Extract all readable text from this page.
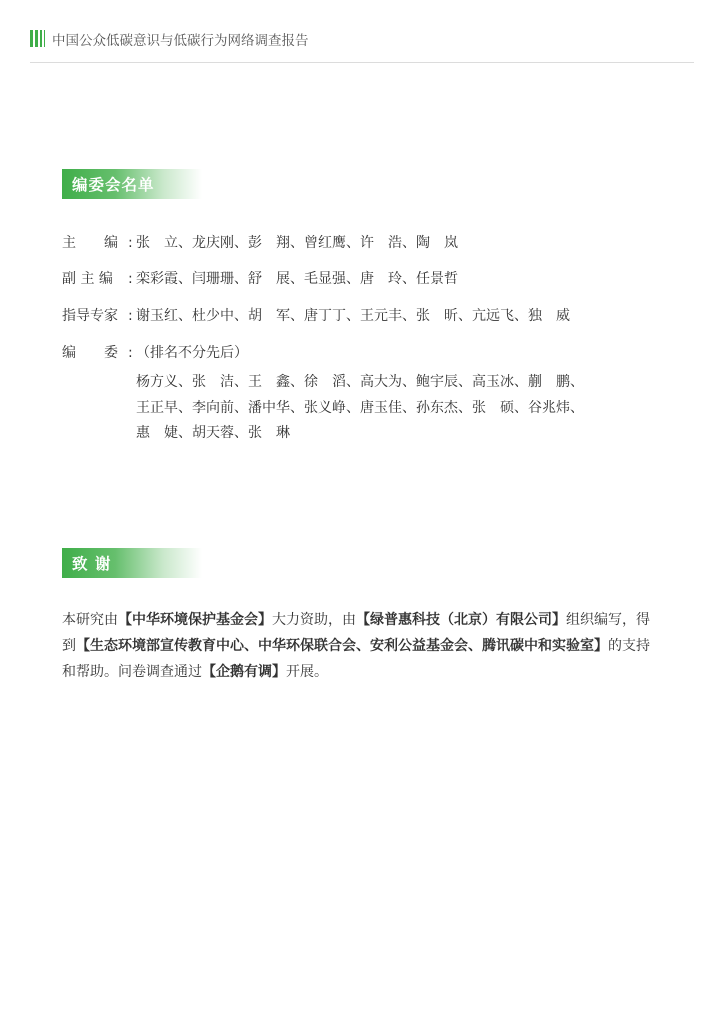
中国公众低碳意识与低碳行为网络调查报告
编委会名单
主　　编 : 张　立、龙庆刚、彭　翔、曾红鹰、许　浩、陶　岚
副 主 编 : 栾彩霞、闫珊珊、舒　展、毛显强、唐　玲、任景哲
指导专家 : 谢玉红、杜少中、胡　军、唐丁丁、王元丰、张　昕、亢远飞、独　威
编　　委 : （排名不分先后）
杨方义、张　洁、王　鑫、徐　滔、高大为、鲍宇辰、高玉冰、蒯　鹏、
王正早、李向前、潘中华、张义峥、唐玉佳、孙东杰、张　硕、谷兆炜、
惠　婕、胡天蓉、张　琳
致 谢
本研究由【中华环境保护基金会】大力资助，由【绿普惠科技（北京）有限公司】组织编写，得到【生态环境部宣传教育中心、中华环保联合会、安利公益基金会、腾讯碳中和实验室】的支持和帮助。问卷调查通过【企鹅有调】开展。
